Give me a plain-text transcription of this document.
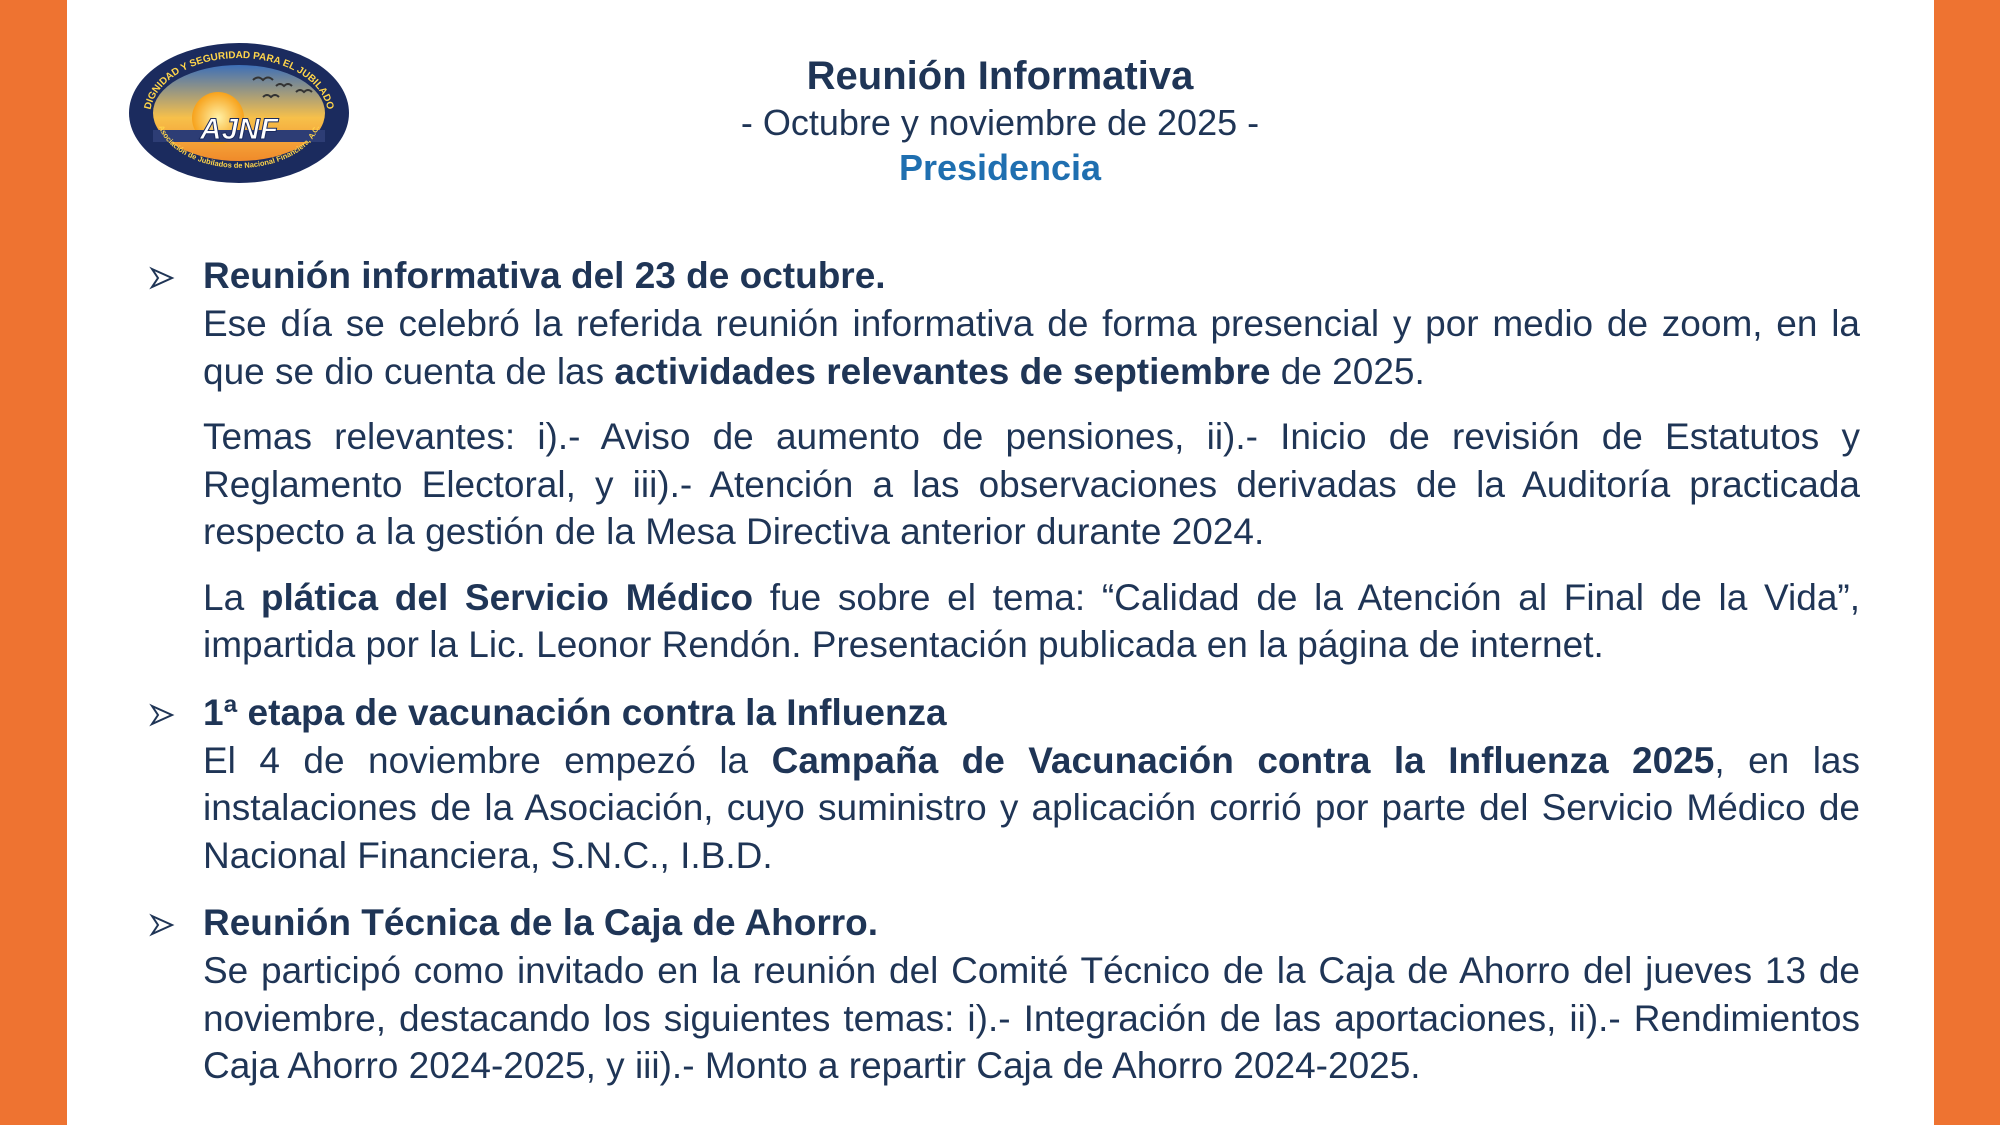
DIGNIDAD Y SEGURIDAD PARA EL JUBILADO
AJNF
Asociación de Jubilados de Nacional Financiera, A.C.
Reunión Informativa
- Octubre y noviembre de 2025 -
Presidencia
Reunión informativa del 23 de octubre.
Ese día se celebró la referida reunión informativa de forma presencial y por medio de zoom, en la que se dio cuenta de las actividades relevantes de septiembre de 2025.
Temas relevantes: i).- Aviso de aumento de pensiones, ii).- Inicio de revisión de Estatutos y Reglamento Electoral, y iii).- Atención a las observaciones derivadas de la Auditoría practicada respecto a la gestión de la Mesa Directiva anterior durante 2024.
La plática del Servicio Médico fue sobre el tema: “Calidad de la Atención al Final de la Vida”, impartida por la Lic. Leonor Rendón. Presentación publicada en la página de internet.
1ª etapa de vacunación contra la Influenza
El 4 de noviembre empezó la Campaña de Vacunación contra la Influenza 2025, en las instalaciones de la Asociación, cuyo suministro y aplicación corrió por parte del Servicio Médico de Nacional Financiera, S.N.C., I.B.D.
Reunión Técnica de la Caja de Ahorro.
Se participó como invitado en la reunión del Comité Técnico de la Caja de Ahorro del jueves 13 de noviembre, destacando los siguientes temas: i).- Integración de las aportaciones, ii).- Rendimientos Caja Ahorro 2024-2025, y iii).- Monto a repartir Caja de Ahorro 2024-2025.
